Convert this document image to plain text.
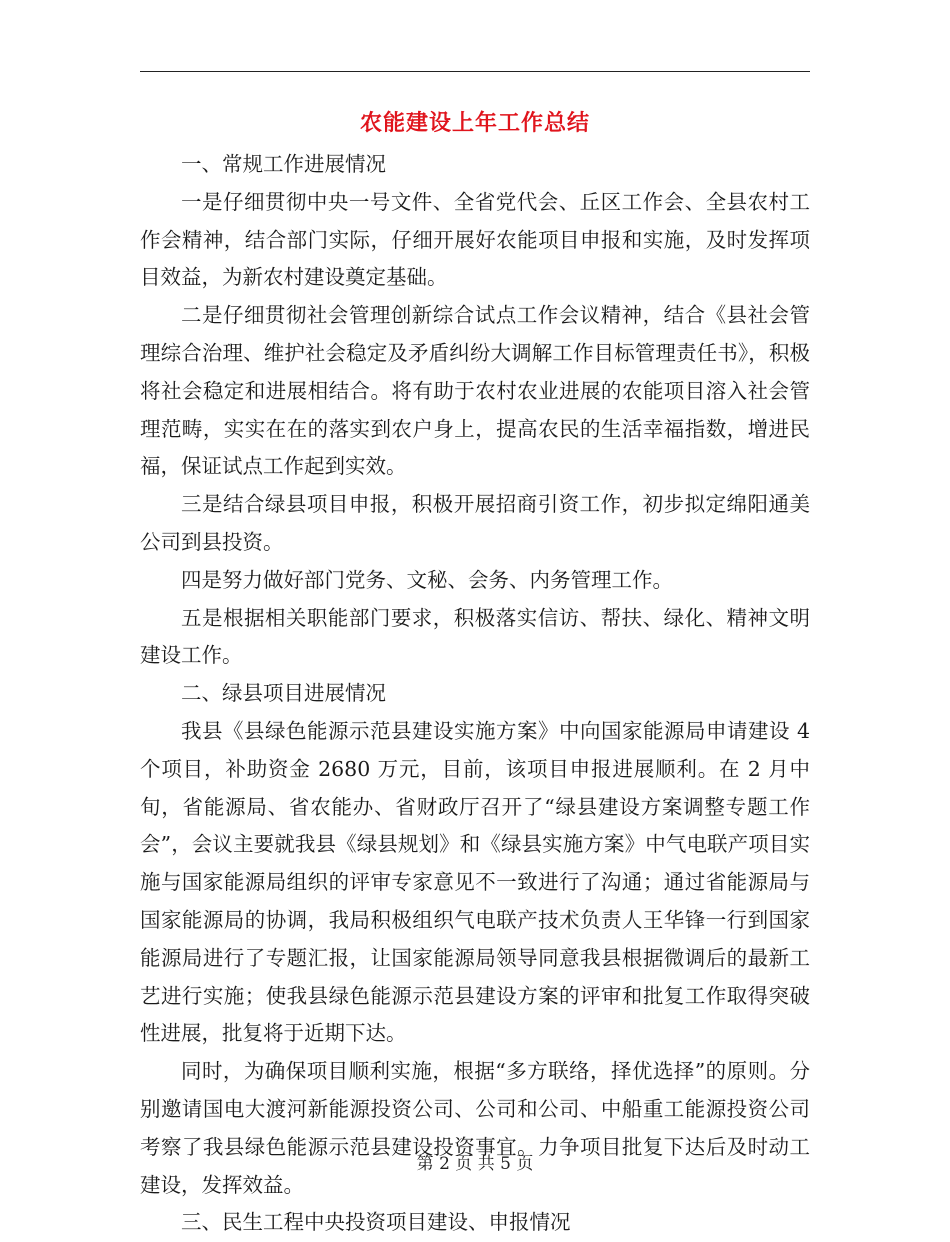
农能建设上年工作总结

一、常规工作进展情况

一是仔细贯彻中央一号文件、全省党代会、丘区工作会、全县农村工作会精神，结合部门实际，仔细开展好农能项目申报和实施，及时发挥项目效益，为新农村建设奠定基础。

二是仔细贯彻社会管理创新综合试点工作会议精神，结合《县社会管理综合治理、维护社会稳定及矛盾纠纷大调解工作目标管理责任书》，积极将社会稳定和进展相结合。将有助于农村农业进展的农能项目溶入社会管理范畴，实实在在的落实到农户身上，提高农民的生活幸福指数，增进民福，保证试点工作起到实效。

三是结合绿县项目申报，积极开展招商引资工作，初步拟定绵阳通美公司到县投资。

四是努力做好部门党务、文秘、会务、内务管理工作。

五是根据相关职能部门要求，积极落实信访、帮扶、绿化、精神文明建设工作。

二、绿县项目进展情况

我县《县绿色能源示范县建设实施方案》中向国家能源局申请建设 4 个项目，补助资金 2680 万元，目前，该项目申报进展顺利。在 2 月中旬，省能源局、省农能办、省财政厅召开了“绿县建设方案调整专题工作会”，会议主要就我县《绿县规划》和《绿县实施方案》中气电联产项目实施与国家能源局组织的评审专家意见不一致进行了沟通；通过省能源局与国家能源局的协调，我局积极组织气电联产技术负责人王华锋一行到国家能源局进行了专题汇报，让国家能源局领导同意我县根据微调后的最新工艺进行实施；使我县绿色能源示范县建设方案的评审和批复工作取得突破性进展，批复将于近期下达。

同时，为确保项目顺利实施，根据“多方联络，择优选择”的原则。分别邀请国电大渡河新能源投资公司、公司和公司、中船重工能源投资公司考察了我县绿色能源示范县建设投资事宜。力争项目批复下达后及时动工建设，发挥效益。

三、民生工程中央投资项目建设、申报情况

第 2 页 共 5 页
